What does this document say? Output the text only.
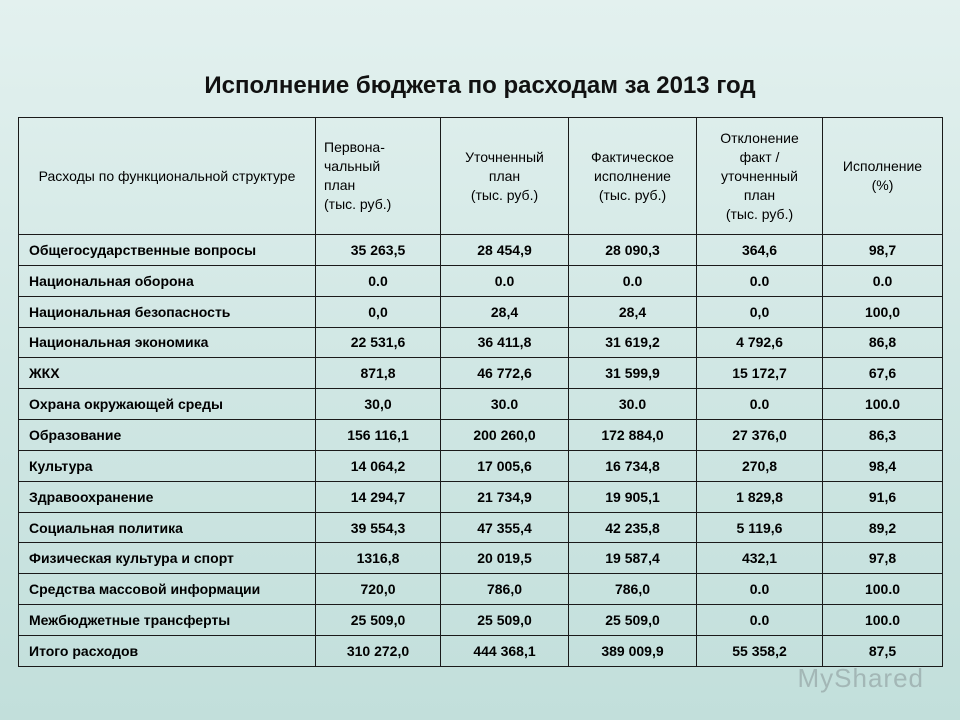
Исполнение бюджета по расходам за 2013 год
Расходы по функциональной структуре	Первона-
чальный
план
(тыс. руб.)	Уточненный
план
(тыс. руб.)	Фактическое
исполнение
(тыс. руб.)	Отклонение
факт /
уточненный
план
(тыс. руб.)	Исполнение
(%)

Общегосударственные вопросы	35 263,5	28 454,9	28 090,3	364,6	98,7
Национальная оборона	0.0	0.0	0.0	0.0	0.0
Национальная безопасность	0,0	28,4	28,4	0,0	100,0
Национальная экономика	22 531,6	36 411,8	31 619,2	4 792,6	86,8
ЖКХ	871,8	46 772,6	31 599,9	15 172,7	67,6
Охрана окружающей среды	30,0	30.0	30.0	0.0	100.0
Образование	156 116,1	200 260,0	172 884,0	27 376,0	86,3
Культура	14 064,2	17 005,6	16 734,8	270,8	98,4
Здравоохранение	14 294,7	21 734,9	19 905,1	1 829,8	91,6
Социальная политика	39 554,3	47 355,4	42 235,8	5 119,6	89,2
Физическая культура и спорт	1316,8	20 019,5	19 587,4	432,1	97,8
Средства массовой информации	720,0	786,0	786,0	0.0	100.0
Межбюджетные трансферты	25 509,0	25 509,0	25 509,0	0.0	100.0
Итого расходов	310 272,0	444 368,1	389 009,9	55 358,2	87,5
MyShared
